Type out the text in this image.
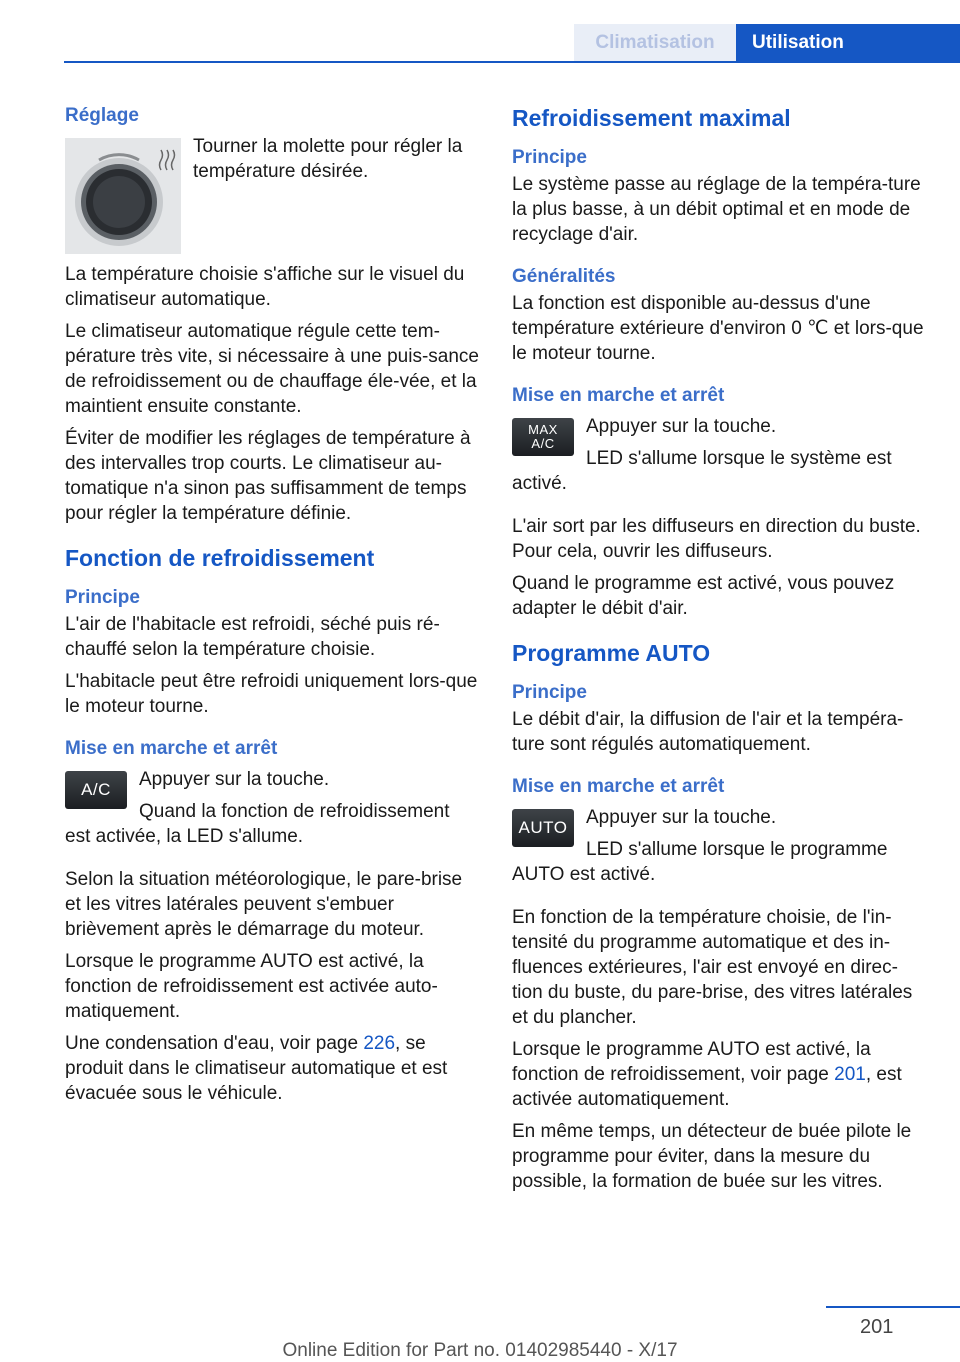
Climatisation	Utilisation
Réglage

Tourner la molette pour régler la température désirée.

La température choisie s'affiche sur le visuel du climatiseur automatique.

Le climatiseur automatique régule cette tem-pérature très vite, si nécessaire à une puis-sance de refroidissement ou de chauffage éle-vée, et la maintient ensuite constante.

Éviter de modifier les réglages de température à des intervalles trop courts. Le climatiseur au-tomatique n'a sinon pas suffisamment de temps pour régler la température définie.

Fonction de refroidissement
Principe

L'air de l'habitacle est refroidi, séché puis ré-chauffé selon la température choisie.

L'habitacle peut être refroidi uniquement lors-que le moteur tourne.

Mise en marche et arrêt
A/C	Appuyer sur la touche.

Quand la fonction de refroidissement est activée, la LED s'allume.

Selon la situation météorologique, le pare-brise et les vitres latérales peuvent s'embuer brièvement après le démarrage du moteur.

Lorsque le programme AUTO est activé, la fonction de refroidissement est activée auto-matiquement.

Une condensation d'eau, voir page 226, se produit dans le climatiseur automatique et est évacuée sous le véhicule.

Refroidissement maximal
Principe

Le système passe au réglage de la tempéra-ture la plus basse, à un débit optimal et en mode de recyclage d'air.

Généralités

La fonction est disponible au-dessus d'une température extérieure d'environ 0 ℃ et lors-que le moteur tourne.

Mise en marche et arrêt
MAX
A/C

Appuyer sur la touche.

LED s'allume lorsque le système est activé.

L'air sort par les diffuseurs en direction du buste. Pour cela, ouvrir les diffuseurs.

Quand le programme est activé, vous pouvez adapter le débit d'air.

Programme AUTO
Principe

Le débit d'air, la diffusion de l'air et la tempéra-ture sont régulés automatiquement.

Mise en marche et arrêt
AUTO Appuyer sur la touche.

LED s'allume lorsque le programme AUTO est activé.

En fonction de la température choisie, de l'in-tensité du programme automatique et des in-fluences extérieures, l'air est envoyé en direc-tion du buste, du pare-brise, des vitres latérales et du plancher.

Lorsque le programme AUTO est activé, la fonction de refroidissement, voir page 201, est activée automatiquement.

En même temps, un détecteur de buée pilote le programme pour éviter, dans la mesure du possible, la formation de buée sur les vitres.

201
Online Edition for Part no. 01402985440 - X/17
